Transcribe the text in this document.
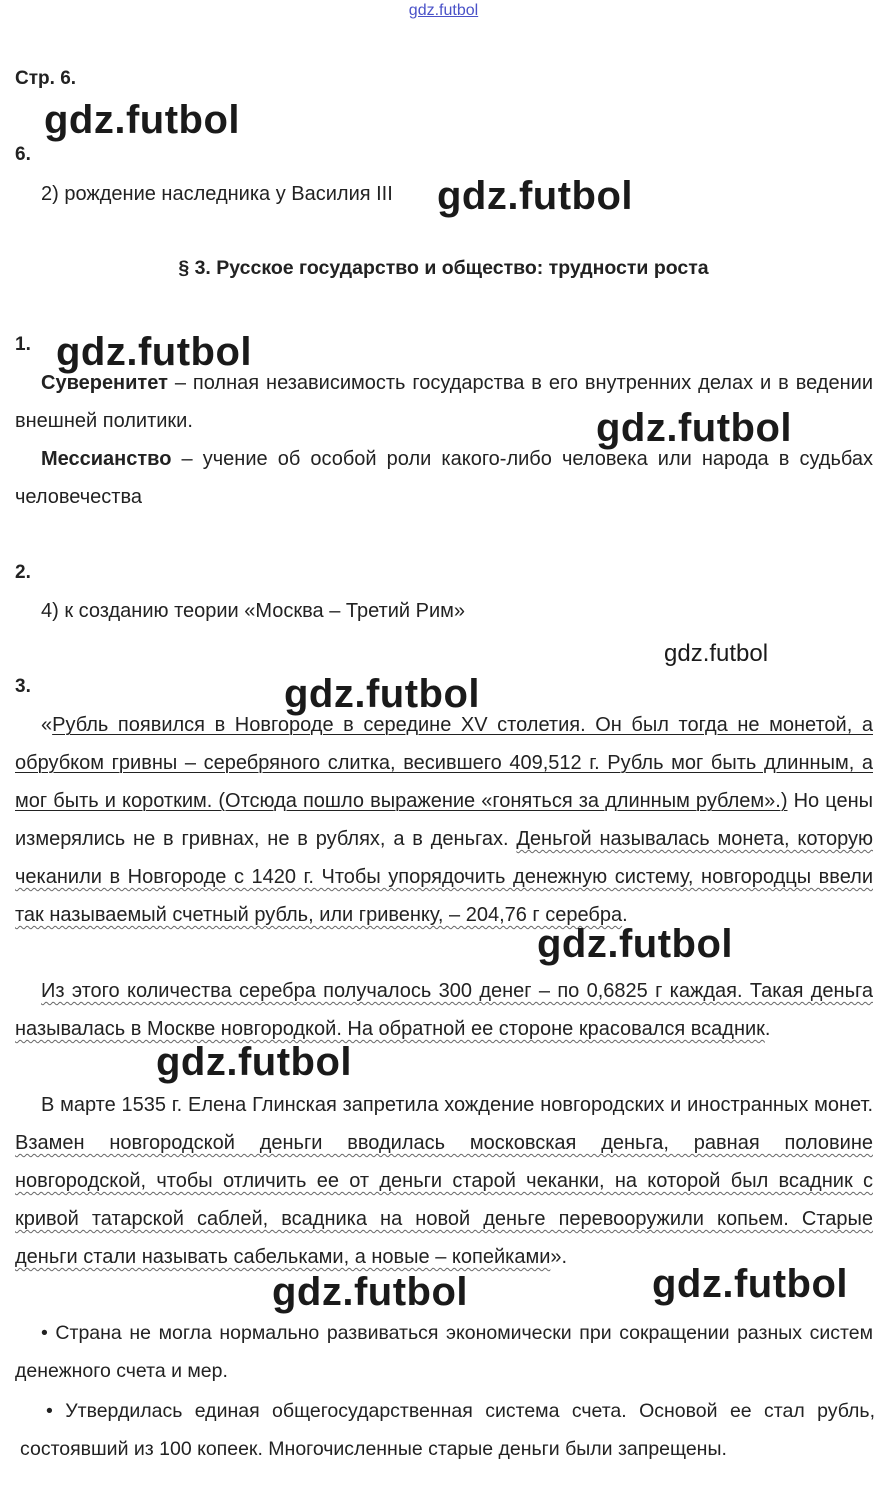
gdz.futbol
Стр. 6.
gdz.futbol
6.
2) рождение наследника у Василия III gdz.futbol
§ 3. Русское государство и общество: трудности роста
1. gdz.futbol
Суверенитет – полная независимость государства в его внутренних делах и в ведении внешней политики.	gdz.futbol
Мессианство – учение об особой роли какого-либо человека или народа в судьбах человечества
2.
4) к созданию теории «Москва – Третий Рим»
gdz.futbol
3.	gdz.futbol
«Рубль появился в Новгороде в середине XV столетия. Он был тогда не монетой, а обрубком гривны – серебряного слитка, весившего 409,512 г. Рубль мог быть длинным, а мог быть и коротким. (Отсюда пошло выражение «гоняться за длинным рублем».) Но цены измерялись не в гривнах, не в рублях, а в деньгах. Деньгой называлась монета, которую чеканили в Новгороде с 1420 г. Чтобы упорядочить денежную систему, новгородцы ввели так называемый счетный рубль, или гривенку, – 204,76 г серебра.
gdz.futbol
Из этого количества серебра получалось 300 денег – по 0,6825 г каждая. Такая деньга называлась в Москве новгородкой. На обратной ее стороне красовался всадник.
gdz.futbol
В марте 1535 г. Елена Глинская запретила хождение новгородских и иностранных монет. Взамен новгородской деньги вводилась московская деньга, равная половине новгородской, чтобы отличить ее от деньги старой чеканки, на которой был всадник с кривой татарской саблей, всадника на новой деньге перевооружили копьем. Старые деньги стали называть сабельками, а новые – копейками».
gdz.futbol	gdz.futbol
• Страна не могла нормально развиваться экономически при сокращении разных систем денежного счета и мер.
• Утвердилась единая общегосударственная система счета. Основой ее стал рубль, состоявший из 100 копеек. Многочисленные старые деньги были запрещены.
